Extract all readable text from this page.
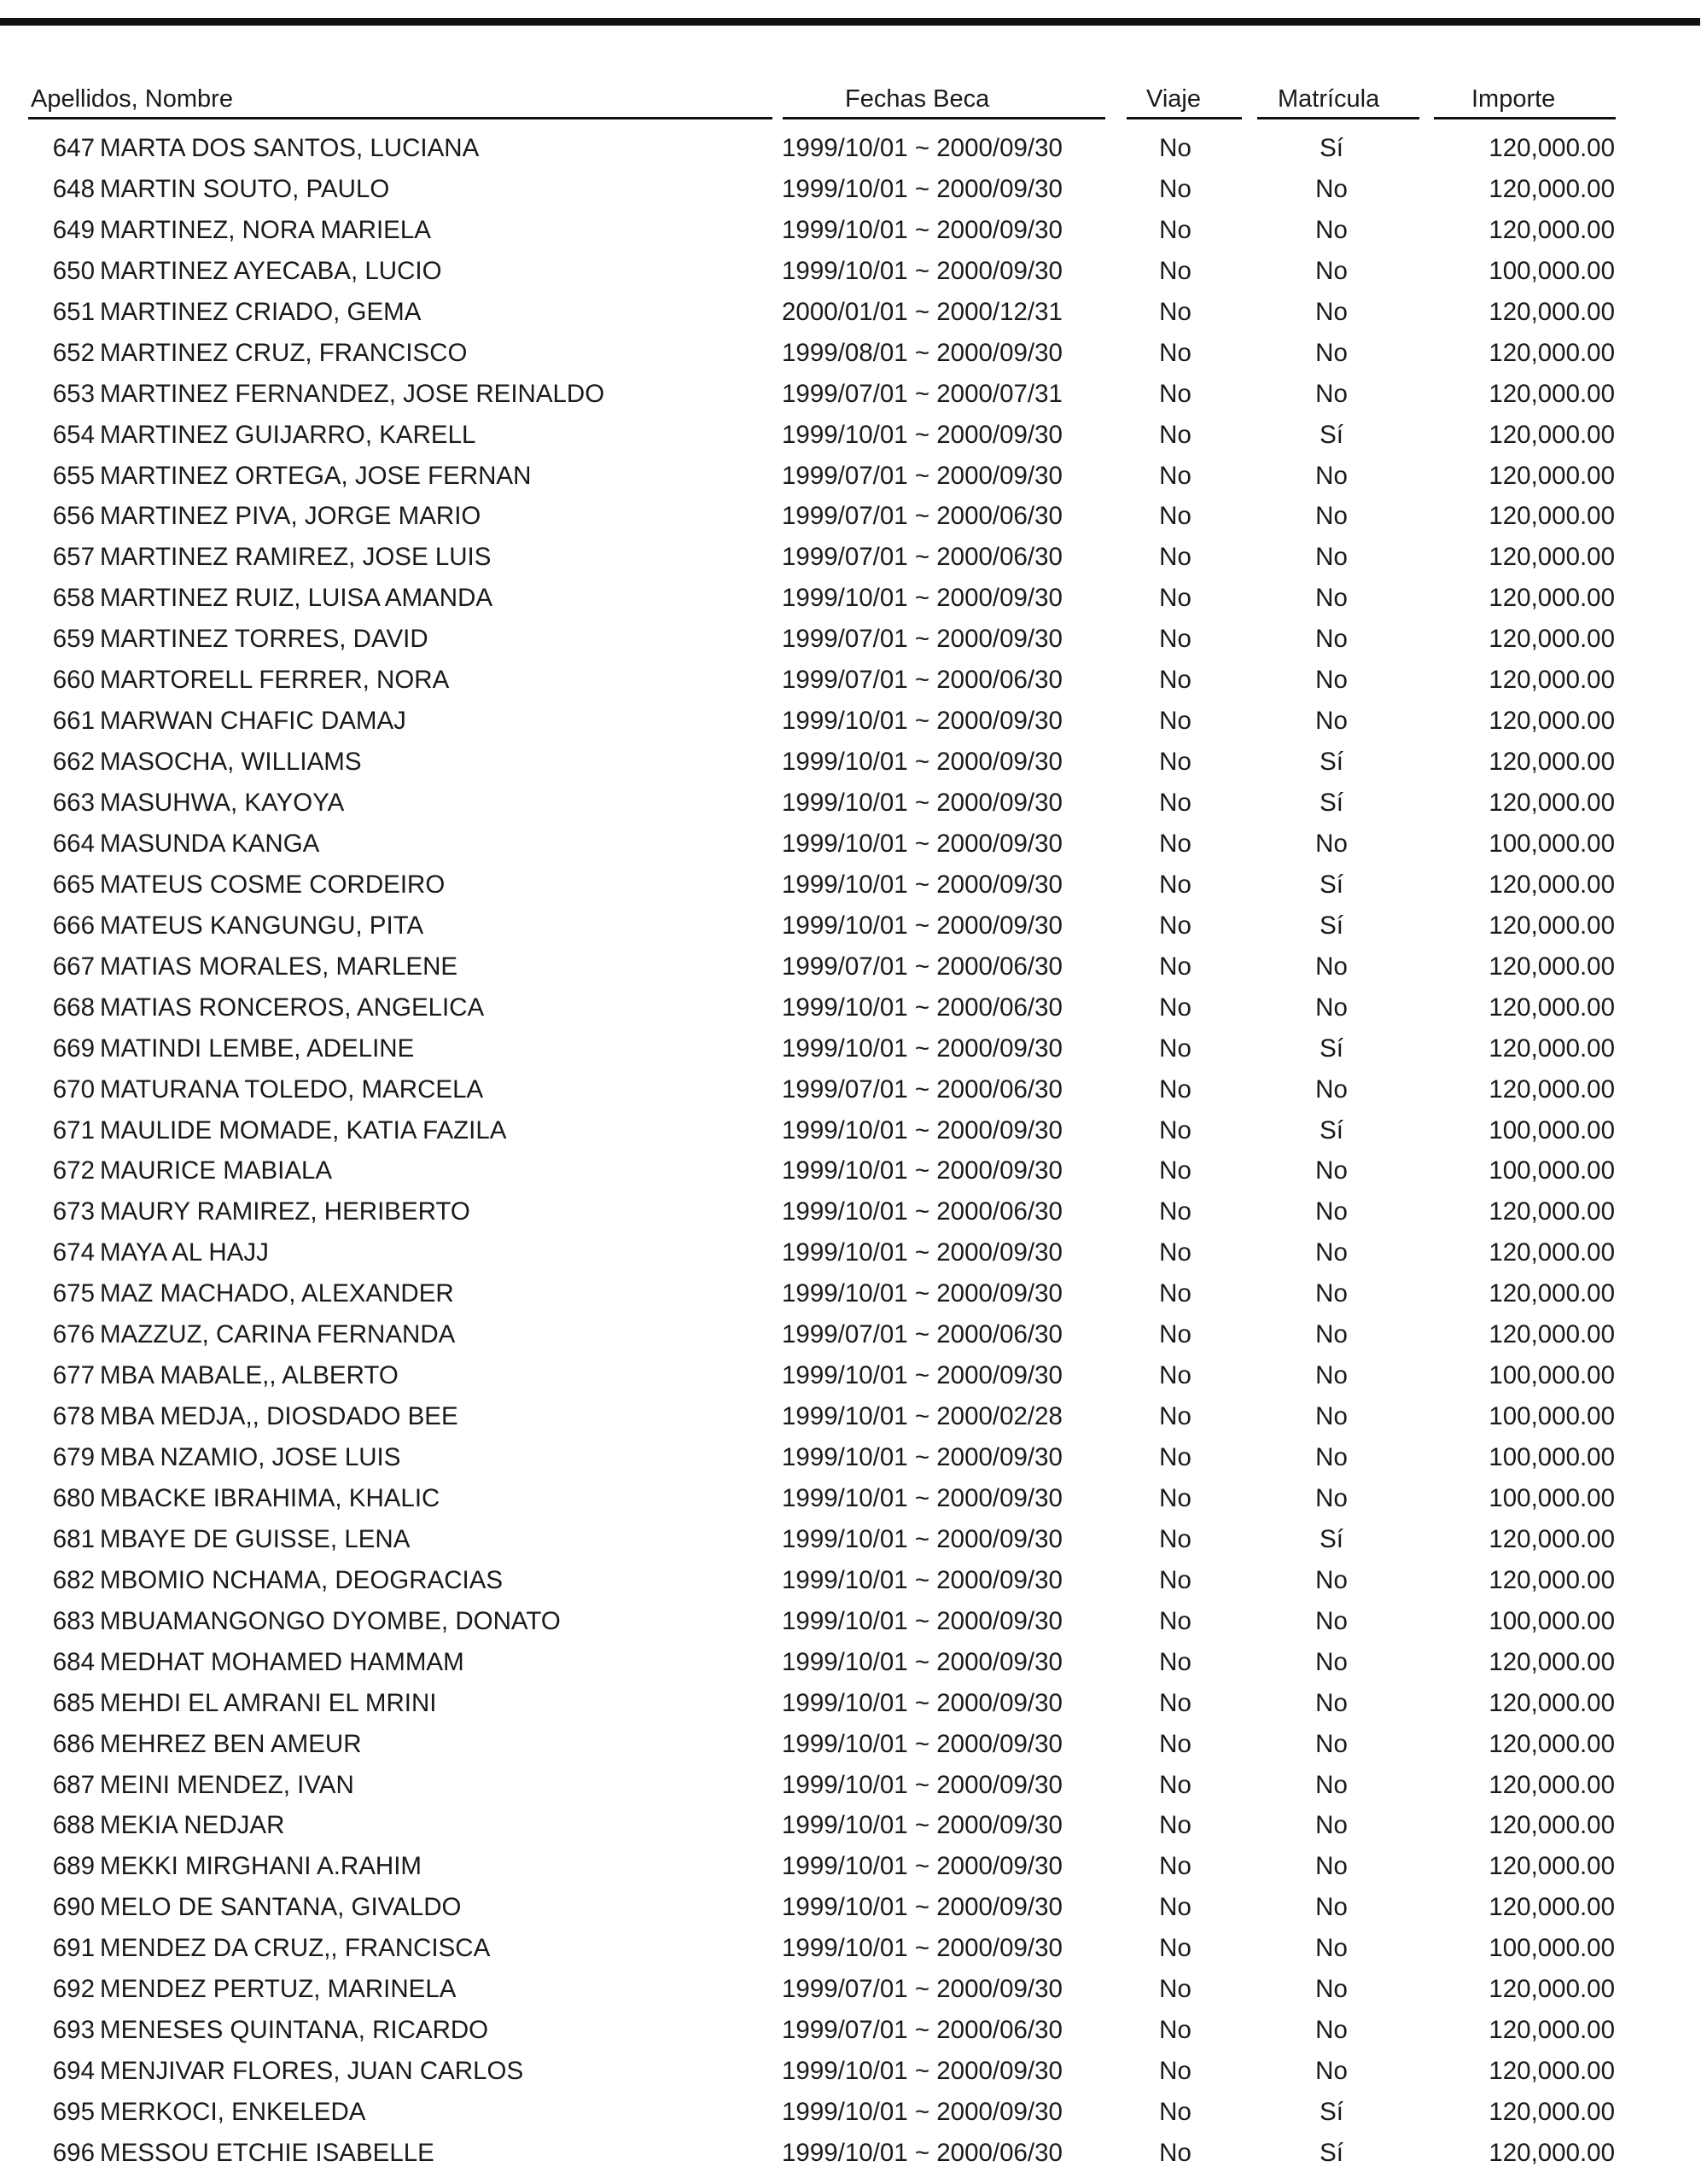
Apellidos, Nombre	Fechas Beca	Viaje	Matrícula	Importe
647 MARTA DOS SANTOS, LUCIANA	1999/10/01 ~ 2000/09/30	No	Sí	120,000.00
648 MARTIN SOUTO, PAULO	1999/10/01 ~ 2000/09/30	No	No	120,000.00
649 MARTINEZ, NORA MARIELA	1999/10/01 ~ 2000/09/30	No	No	120,000.00
650 MARTINEZ AYECABA, LUCIO	1999/10/01 ~ 2000/09/30	No	No	100,000.00
651 MARTINEZ CRIADO, GEMA	2000/01/01 ~ 2000/12/31	No	No	120,000.00
652 MARTINEZ CRUZ, FRANCISCO	1999/08/01 ~ 2000/09/30	No	No	120,000.00
653 MARTINEZ FERNANDEZ, JOSE REINALDO	1999/07/01 ~ 2000/07/31	No	No	120,000.00
654 MARTINEZ GUIJARRO, KARELL	1999/10/01 ~ 2000/09/30	No	Sí	120,000.00
655 MARTINEZ ORTEGA, JOSE FERNAN	1999/07/01 ~ 2000/09/30	No	No	120,000.00
656 MARTINEZ PIVA, JORGE MARIO	1999/07/01 ~ 2000/06/30	No	No	120,000.00
657 MARTINEZ RAMIREZ, JOSE LUIS	1999/07/01 ~ 2000/06/30	No	No	120,000.00
658 MARTINEZ RUIZ, LUISA AMANDA	1999/10/01 ~ 2000/09/30	No	No	120,000.00
659 MARTINEZ TORRES, DAVID	1999/07/01 ~ 2000/09/30	No	No	120,000.00
660 MARTORELL FERRER, NORA	1999/07/01 ~ 2000/06/30	No	No	120,000.00
661 MARWAN CHAFIC DAMAJ	1999/10/01 ~ 2000/09/30	No	No	120,000.00
662 MASOCHA, WILLIAMS	1999/10/01 ~ 2000/09/30	No	Sí	120,000.00
663 MASUHWA, KAYOYA	1999/10/01 ~ 2000/09/30	No	Sí	120,000.00
664 MASUNDA KANGA	1999/10/01 ~ 2000/09/30	No	No	100,000.00
665 MATEUS COSME CORDEIRO	1999/10/01 ~ 2000/09/30	No	Sí	120,000.00
666 MATEUS KANGUNGU, PITA	1999/10/01 ~ 2000/09/30	No	Sí	120,000.00
667 MATIAS MORALES, MARLENE	1999/07/01 ~ 2000/06/30	No	No	120,000.00
668 MATIAS RONCEROS, ANGELICA	1999/10/01 ~ 2000/06/30	No	No	120,000.00
669 MATINDI LEMBE, ADELINE	1999/10/01 ~ 2000/09/30	No	Sí	120,000.00
670 MATURANA TOLEDO, MARCELA	1999/07/01 ~ 2000/06/30	No	No	120,000.00
671 MAULIDE MOMADE, KATIA FAZILA	1999/10/01 ~ 2000/09/30	No	Sí	100,000.00
672 MAURICE MABIALA	1999/10/01 ~ 2000/09/30	No	No	100,000.00
673 MAURY RAMIREZ, HERIBERTO	1999/10/01 ~ 2000/06/30	No	No	120,000.00
674 MAYA AL HAJJ	1999/10/01 ~ 2000/09/30	No	No	120,000.00
675 MAZ MACHADO, ALEXANDER	1999/10/01 ~ 2000/09/30	No	No	120,000.00
676 MAZZUZ, CARINA FERNANDA	1999/07/01 ~ 2000/06/30	No	No	120,000.00
677 MBA MABALE,, ALBERTO	1999/10/01 ~ 2000/09/30	No	No	100,000.00
678 MBA MEDJA,, DIOSDADO BEE	1999/10/01 ~ 2000/02/28	No	No	100,000.00
679 MBA NZAMIO, JOSE LUIS	1999/10/01 ~ 2000/09/30	No	No	100,000.00
680 MBACKE IBRAHIMA, KHALIC	1999/10/01 ~ 2000/09/30	No	No	100,000.00
681 MBAYE DE GUISSE, LENA	1999/10/01 ~ 2000/09/30	No	Sí	120,000.00
682 MBOMIO NCHAMA, DEOGRACIAS	1999/10/01 ~ 2000/09/30	No	No	120,000.00
683 MBUAMANGONGO DYOMBE, DONATO	1999/10/01 ~ 2000/09/30	No	No	100,000.00
684 MEDHAT MOHAMED HAMMAM	1999/10/01 ~ 2000/09/30	No	No	120,000.00
685 MEHDI EL AMRANI EL MRINI	1999/10/01 ~ 2000/09/30	No	No	120,000.00
686 MEHREZ BEN AMEUR	1999/10/01 ~ 2000/09/30	No	No	120,000.00
687 MEINI MENDEZ, IVAN	1999/10/01 ~ 2000/09/30	No	No	120,000.00
688 MEKIA NEDJAR	1999/10/01 ~ 2000/09/30	No	No	120,000.00
689 MEKKI MIRGHANI A.RAHIM	1999/10/01 ~ 2000/09/30	No	No	120,000.00
690 MELO DE SANTANA, GIVALDO	1999/10/01 ~ 2000/09/30	No	No	120,000.00
691 MENDEZ DA CRUZ,, FRANCISCA	1999/10/01 ~ 2000/09/30	No	No	100,000.00
692 MENDEZ PERTUZ, MARINELA	1999/07/01 ~ 2000/09/30	No	No	120,000.00
693 MENESES QUINTANA, RICARDO	1999/07/01 ~ 2000/06/30	No	No	120,000.00
694 MENJIVAR FLORES, JUAN CARLOS	1999/10/01 ~ 2000/09/30	No	No	120,000.00
695 MERKOCI, ENKELEDA	1999/10/01 ~ 2000/09/30	No	Sí	120,000.00
696 MESSOU ETCHIE ISABELLE	1999/10/01 ~ 2000/06/30	No	Sí	120,000.00
